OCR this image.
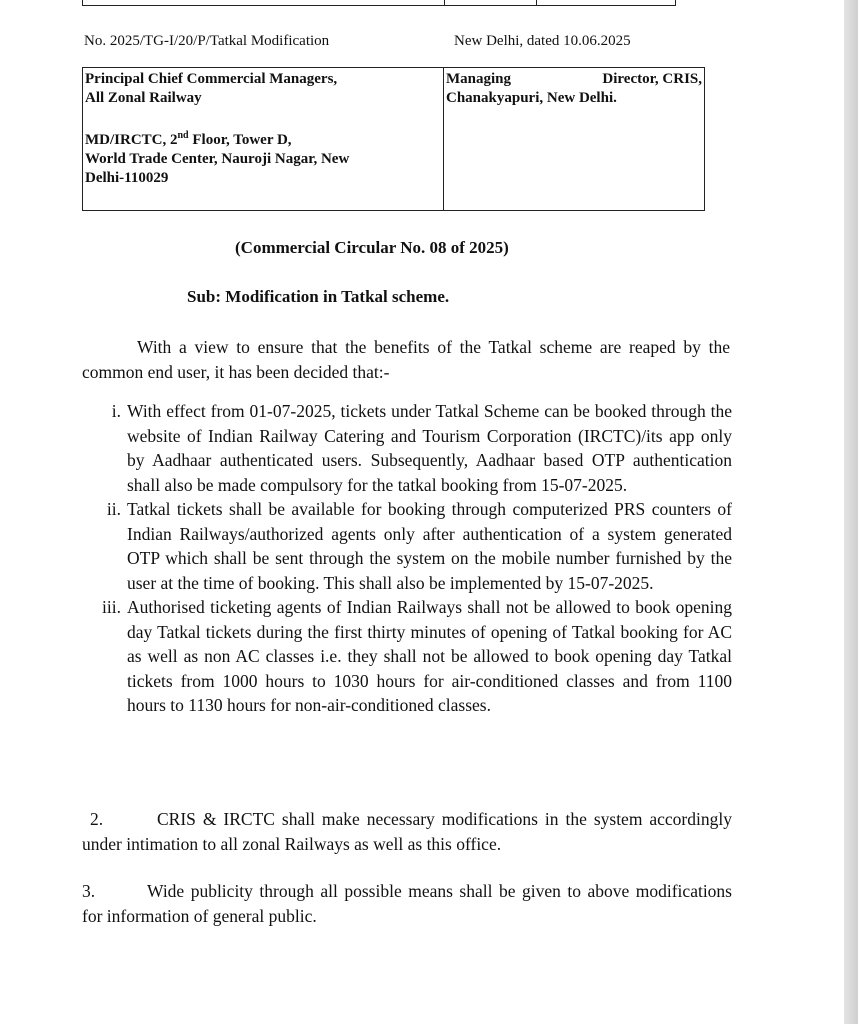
No. 2025/TG-I/20/P/Tatkal Modification	New Delhi, dated 10.06.2025
Principal Chief Commercial Managers,
All Zonal Railway
MD/IRCTC, 2nd Floor, Tower D,
World Trade Center, Nauroji Nagar, New
Delhi-110029

Managing	Director, CRIS,
Chanakyapuri, New Delhi.
(Commercial Circular No. 08 of 2025)
Sub: Modification in Tatkal scheme.
With a view to ensure that the benefits of the Tatkal scheme are reaped by the common end user, it has been decided that:-
i. With effect from 01-07-2025, tickets under Tatkal Scheme can be booked through the website of Indian Railway Catering and Tourism Corporation (IRCTC)/its app only by Aadhaar authenticated users. Subsequently, Aadhaar based OTP authentication shall also be made compulsory for the tatkal booking from 15-07-2025.
ii. Tatkal tickets shall be available for booking through computerized PRS counters of Indian Railways/authorized agents only after authentication of a system generated OTP which shall be sent through the system on the mobile number furnished by the user at the time of booking. This shall also be implemented by 15-07-2025.
iii. Authorised ticketing agents of Indian Railways shall not be allowed to book opening day Tatkal tickets during the first thirty minutes of opening of Tatkal booking for AC as well as non AC classes i.e. they shall not be allowed to book opening day Tatkal tickets from 1000 hours to 1030 hours for air-conditioned classes and from 1100 hours to 1130 hours for non-air-conditioned classes.
2.	CRIS & IRCTC shall make necessary modifications in the system accordingly under intimation to all zonal Railways as well as this office.
3.	Wide publicity through all possible means shall be given to above modifications for information of general public.
